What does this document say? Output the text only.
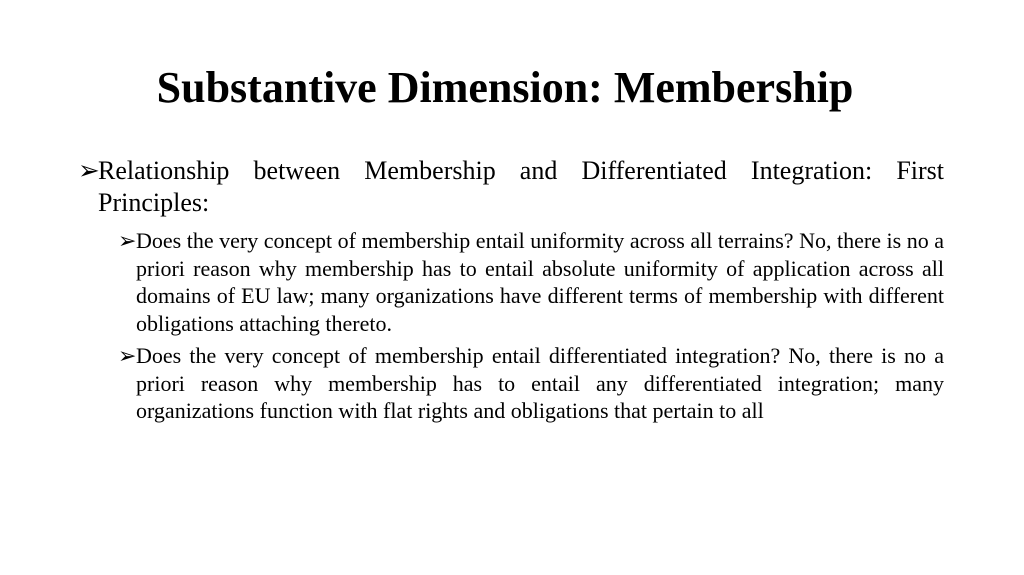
Substantive Dimension: Membership
➢
Relationship between Membership and Differentiated Integration: First Principles:
➢ Does the very concept of membership entail uniformity across all terrains? No, there is no a priori reason why membership has to entail absolute uniformity of application across all domains of EU law; many organizations have different terms of membership with different obligations attaching thereto.
➢ Does the very concept of membership entail differentiated integration? No, there is no a priori reason why membership has to entail any differentiated integration; many organizations function with flat rights and obligations that pertain to all
